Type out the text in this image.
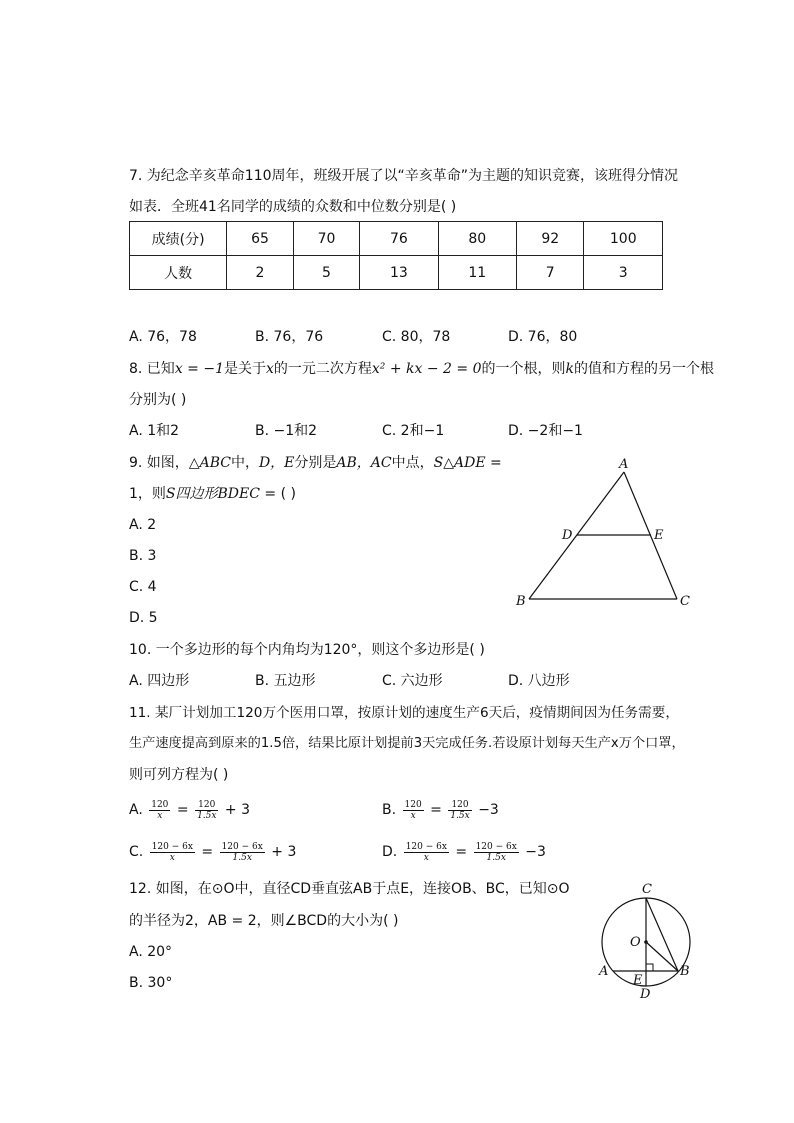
7. 为纪念辛亥革命110周年，班级开展了以“辛亥革命”为主题的知识竞赛，该班得分情况
如表．全班41名同学的成绩的众数和中位数分别是( )
成绩(分)	65	70	76	80	92	100
人数	2	5	13	11	7	3
A. 76，78	B. 76，76	C. 80，78	D. 76，80
8. 已知x = −1是关于x的一元二次方程x² + kx − 2 = 0的一个根，则k的值和方程的另一个根
分别为( )
A. 1和2	B. −1和2	C. 2和−1	D. −2和−1
9. 如图，△ABC中，D，E分别是AB，AC中点，S△ADE =
1，则S四边形BDEC = ( )
A. 2
B. 3
C. 4
D. 5
A
D	E
B	C
10. 一个多边形的每个内角均为120°，则这个多边形是( )
A. 四边形	B. 五边形	C. 六边形	D. 八边形
11. 某厂计划加工120万个医用口罩，按原计划的速度生产6天后，疫情期间因为任务需要，
生产速度提高到原来的1.5倍，结果比原计划提前3天完成任务.若设原计划每天生产x万个口罩，
则可列方程为( )
A. $\frac{120}{x} = \frac{120}{1.5x} + 3$	B. $\frac{120}{x} = \frac{120}{1.5x} -3$
C. $\frac{120 - 6x}{x} = \frac{120 - 6x}{1.5x} + 3$	D. $\frac{120 - 6x}{x} = \frac{120 - 6x}{1.5x} -3$
12. 如图，在⊙O中，直径CD垂直弦AB于点E，连接OB、BC，已知⊙O
的半径为2，AB = 2，则∠BCD的大小为( )
A. 20°
B. 30°
C
O
A
E
B
D
